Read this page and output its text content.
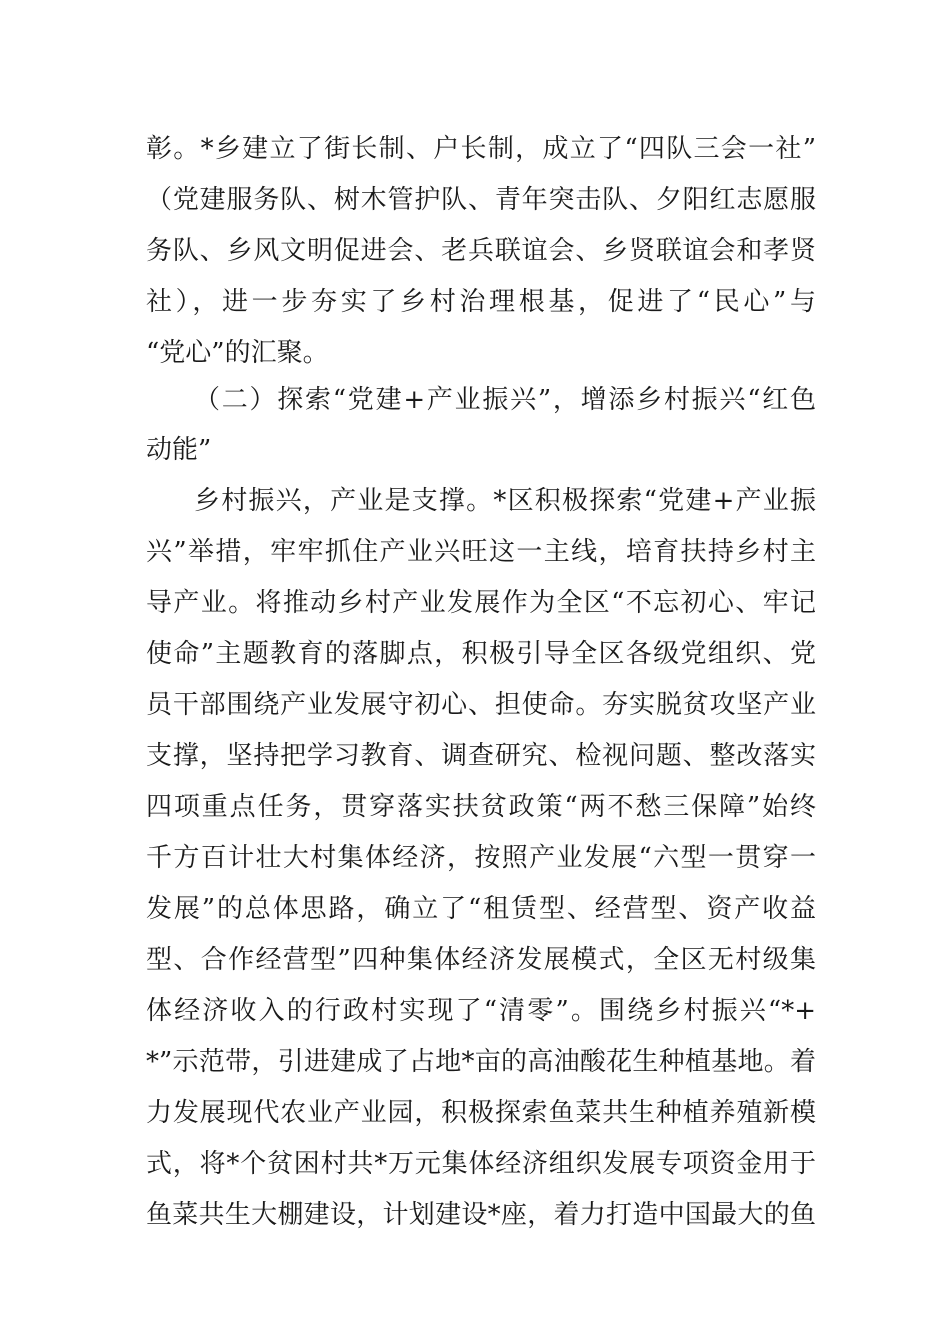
彰。*乡建立了街长制、户长制，成立了“四队三会一社”
（党建服务队、树木管护队、青年突击队、夕阳红志愿服
务队、乡风文明促进会、老兵联谊会、乡贤联谊会和孝贤
社），进一步夯实了乡村治理根基，促进了“民心”与
“党心”的汇聚。
（二）探索“党建+产业振兴”，增添乡村振兴“红色
动能”
乡村振兴，产业是支撑。*区积极探索“党建+产业振
兴”举措，牢牢抓住产业兴旺这一主线，培育扶持乡村主
导产业。将推动乡村产业发展作为全区“不忘初心、牢记
使命”主题教育的落脚点，积极引导全区各级党组织、党
员干部围绕产业发展守初心、担使命。夯实脱贫攻坚产业
支撑，坚持把学习教育、调查研究、检视问题、整改落实
四项重点任务，贯穿落实扶贫政策“两不愁三保障”始终
千方百计壮大村集体经济，按照产业发展“六型一贯穿一
发展”的总体思路，确立了“租赁型、经营型、资产收益
型、合作经营型”四种集体经济发展模式，全区无村级集
体经济收入的行政村实现了“清零”。围绕乡村振兴“*+
*”示范带，引进建成了占地*亩的高油酸花生种植基地。着
力发展现代农业产业园，积极探索鱼菜共生种植养殖新模
式，将*个贫困村共*万元集体经济组织发展专项资金用于
鱼菜共生大棚建设，计划建设*座，着力打造中国最大的鱼
